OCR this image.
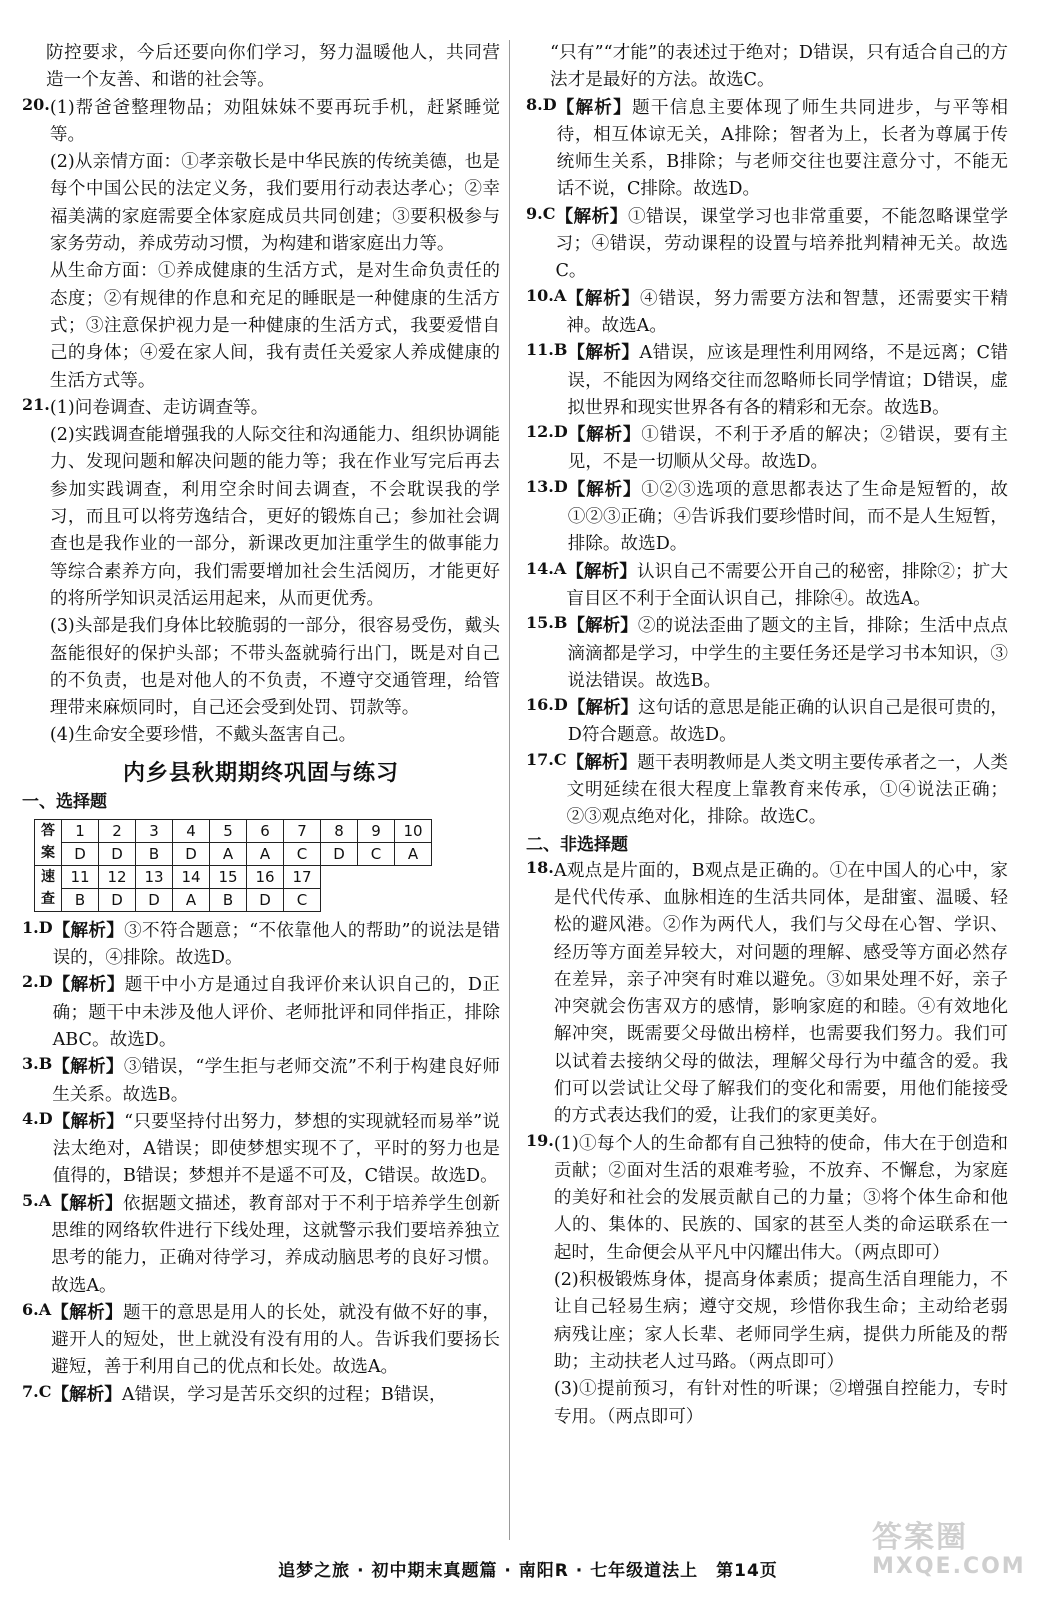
防控要求，今后还要向你们学习，努力温暖他人，共同营造一个友善、和谐的社会等。

20. (1)帮爸爸整理物品；劝阻妹妹不要再玩手机，赶紧睡觉等。

(2)从亲情方面：①孝亲敬长是中华民族的传统美德，也是每个中国公民的法定义务，我们要用行动表达孝心；②幸福美满的家庭需要全体家庭成员共同创建；③要积极参与家务劳动，养成劳动习惯，为构建和谐家庭出力等。

从生命方面：①养成健康的生活方式，是对生命负责任的态度；②有规律的作息和充足的睡眠是一种健康的生活方式；③注意保护视力是一种健康的生活方式，我要爱惜自己的身体；④爱在家人间，我有责任关爱家人养成健康的生活方式等。

21. (1)问卷调查、走访调查等。

(2)实践调查能增强我的人际交往和沟通能力、组织协调能力、发现问题和解决问题的能力等；我在作业写完后再去参加实践调查，利用空余时间去调查，不会耽误我的学习，而且可以将劳逸结合，更好的锻炼自己；参加社会调查也是我作业的一部分，新课改更加注重学生的做事能力等综合素养方向，我们需要增加社会生活阅历，才能更好的将所学知识灵活运用起来，从而更优秀。

(3)头部是我们身体比较脆弱的一部分，很容易受伤，戴头盔能很好的保护头部；不带头盔就骑行出门，既是对自己的不负责，也是对他人的不负责，不遵守交通管理，给管理带来麻烦同时，自己还会受到处罚、罚款等。

(4)生命安全要珍惜，不戴头盔害自己。

内乡县秋期期终巩固与练习

一、选择题

答
案	1	2	3	4	5	6	7	8	9	10
	D	D	B	D	A	A	C	D	C	A

速
查	11	12	13	14	15	16	17			
	B	D	D	A	B	D	C			
1.D 【解析】③不符合题意；“不依靠他人的帮助”的说法是错误的，④排除。故选D。

2.D 【解析】题干中小方是通过自我评价来认识自己的，D正确；题干中未涉及他人评价、老师批评和同伴指正，排除ABC。故选D。

3.B 【解析】③错误，“学生拒与老师交流”不利于构建良好师生关系。故选B。

4.D 【解析】“只要坚持付出努力，梦想的实现就轻而易举”说法太绝对，A错误；即使梦想实现不了，平时的努力也是值得的，B错误；梦想并不是遥不可及，C错误。故选D。

5.A 【解析】依据题文描述，教育部对于不利于培养学生创新思维的网络软件进行下线处理，这就警示我们要培养独立思考的能力，正确对待学习，养成动脑思考的良好习惯。故选A。

6.A 【解析】题干的意思是用人的长处，就没有做不好的事，避开人的短处，世上就没有没有用的人。告诉我们要扬长避短，善于利用自己的优点和长处。故选A。

7.C 【解析】A错误，学习是苦乐交织的过程；B错误，

“只有”“才能”的表述过于绝对；D错误，只有适合自己的方法才是最好的方法。故选C。

8.D 【解析】题干信息主要体现了师生共同进步，与平等相待，相互体谅无关，A排除；智者为上，长者为尊属于传统师生关系，B排除；与老师交往也要注意分寸，不能无话不说，C排除。故选D。

9.C 【解析】①错误，课堂学习也非常重要，不能忽略课堂学习；④错误，劳动课程的设置与培养批判精神无关。故选C。

10.A 【解析】④错误，努力需要方法和智慧，还需要实干精神。故选A。

11.B 【解析】A错误，应该是理性利用网络，不是远离；C错误，不能因为网络交往而忽略师长同学情谊；D错误，虚拟世界和现实世界各有各的精彩和无奈。故选B。

12.D 【解析】①错误，不利于矛盾的解决；②错误，要有主见，不是一切顺从父母。故选D。

13.D 【解析】①②③选项的意思都表达了生命是短暂的，故①②③正确；④告诉我们要珍惜时间，而不是人生短暂，排除。故选D。

14.A 【解析】认识自己不需要公开自己的秘密，排除②；扩大盲目区不利于全面认识自己，排除④。故选A。

15.B 【解析】②的说法歪曲了题文的主旨，排除；生活中点点滴滴都是学习，中学生的主要任务还是学习书本知识，③说法错误。故选B。

16.D 【解析】这句话的意思是能正确的认识自己是很可贵的，D符合题意。故选D。

17.C 【解析】题干表明教师是人类文明主要传承者之一，人类文明延续在很大程度上靠教育来传承，①④说法正确；②③观点绝对化，排除。故选C。

二、非选择题

18. A观点是片面的，B观点是正确的。①在中国人的心中，家是代代传承、血脉相连的生活共同体，是甜蜜、温暖、轻松的避风港。②作为两代人，我们与父母在心智、学识、经历等方面差异较大，对问题的理解、感受等方面必然存在差异，亲子冲突有时难以避免。③如果处理不好，亲子冲突就会伤害双方的感情，影响家庭的和睦。④有效地化解冲突，既需要父母做出榜样，也需要我们努力。我们可以试着去接纳父母的做法，理解父母行为中蕴含的爱。我们可以尝试让父母了解我们的变化和需要，用他们能接受的方式表达我们的爱，让我们的家更美好。

19. (1)①每个人的生命都有自己独特的使命，伟大在于创造和贡献；②面对生活的艰难考验，不放弃、不懈怠，为家庭的美好和社会的发展贡献自己的力量；③将个体生命和他人的、集体的、民族的、国家的甚至人类的命运联系在一起时，生命便会从平凡中闪耀出伟大。（两点即可）

(2)积极锻炼身体，提高身体素质；提高生活自理能力，不让自己轻易生病；遵守交规，珍惜你我生命；主动给老弱病残让座；家人长辈、老师同学生病，提供力所能及的帮助；主动扶老人过马路。（两点即可）

(3)①提前预习，有针对性的听课；②增强自控能力，专时专用。（两点即可）

追梦之旅 · 初中期末真题篇 · 南阳R · 七年级道法上　第14页
答案圈
MXQE.COM
